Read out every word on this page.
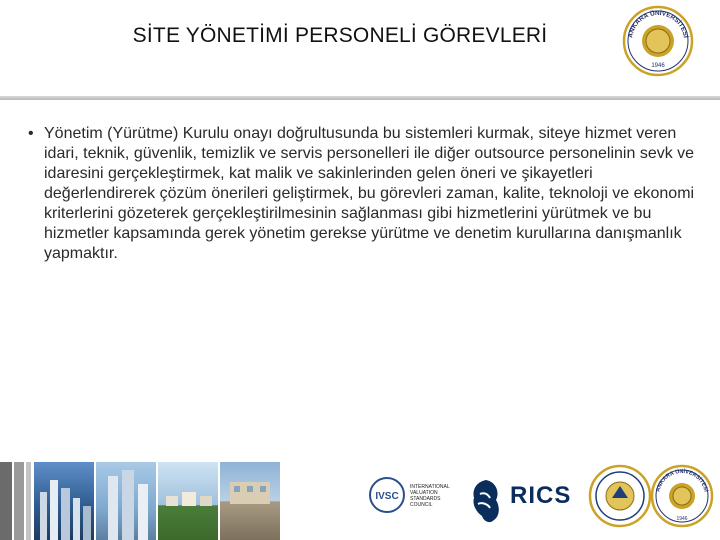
SİTE YÖNETİMİ PERSONELİ GÖREVLERİ	ANKARA ÜNİVERSİTESİ
1946
• Yönetim (Yürütme) Kurulu onayı doğrultusunda bu sistemleri kurmak, siteye hizmet veren idari, teknik, güvenlik, temizlik ve servis personelleri ile diğer outsource personelinin sevk ve idaresini gerçekleştirmek, kat malik ve sakinlerinden gelen öneri ve şikayetleri değerlendirerek çözüm önerileri geliştirmek, bu görevleri zaman, kalite, teknoloji ve ekonomi kriterlerini gözeterek gerçekleştirilmesinin sağlanması gibi hizmetlerini yürütmek ve bu hizmetler kapsamında gerek yönetim gerekse yürütme ve denetim kurullarına danışmanlık yapmaktır.

IVSC
INTERNATIONAL
VALUATION
STANDARDS
COUNCIL	RICS	ANKARA ÜNİVERSİTESİ
1946
